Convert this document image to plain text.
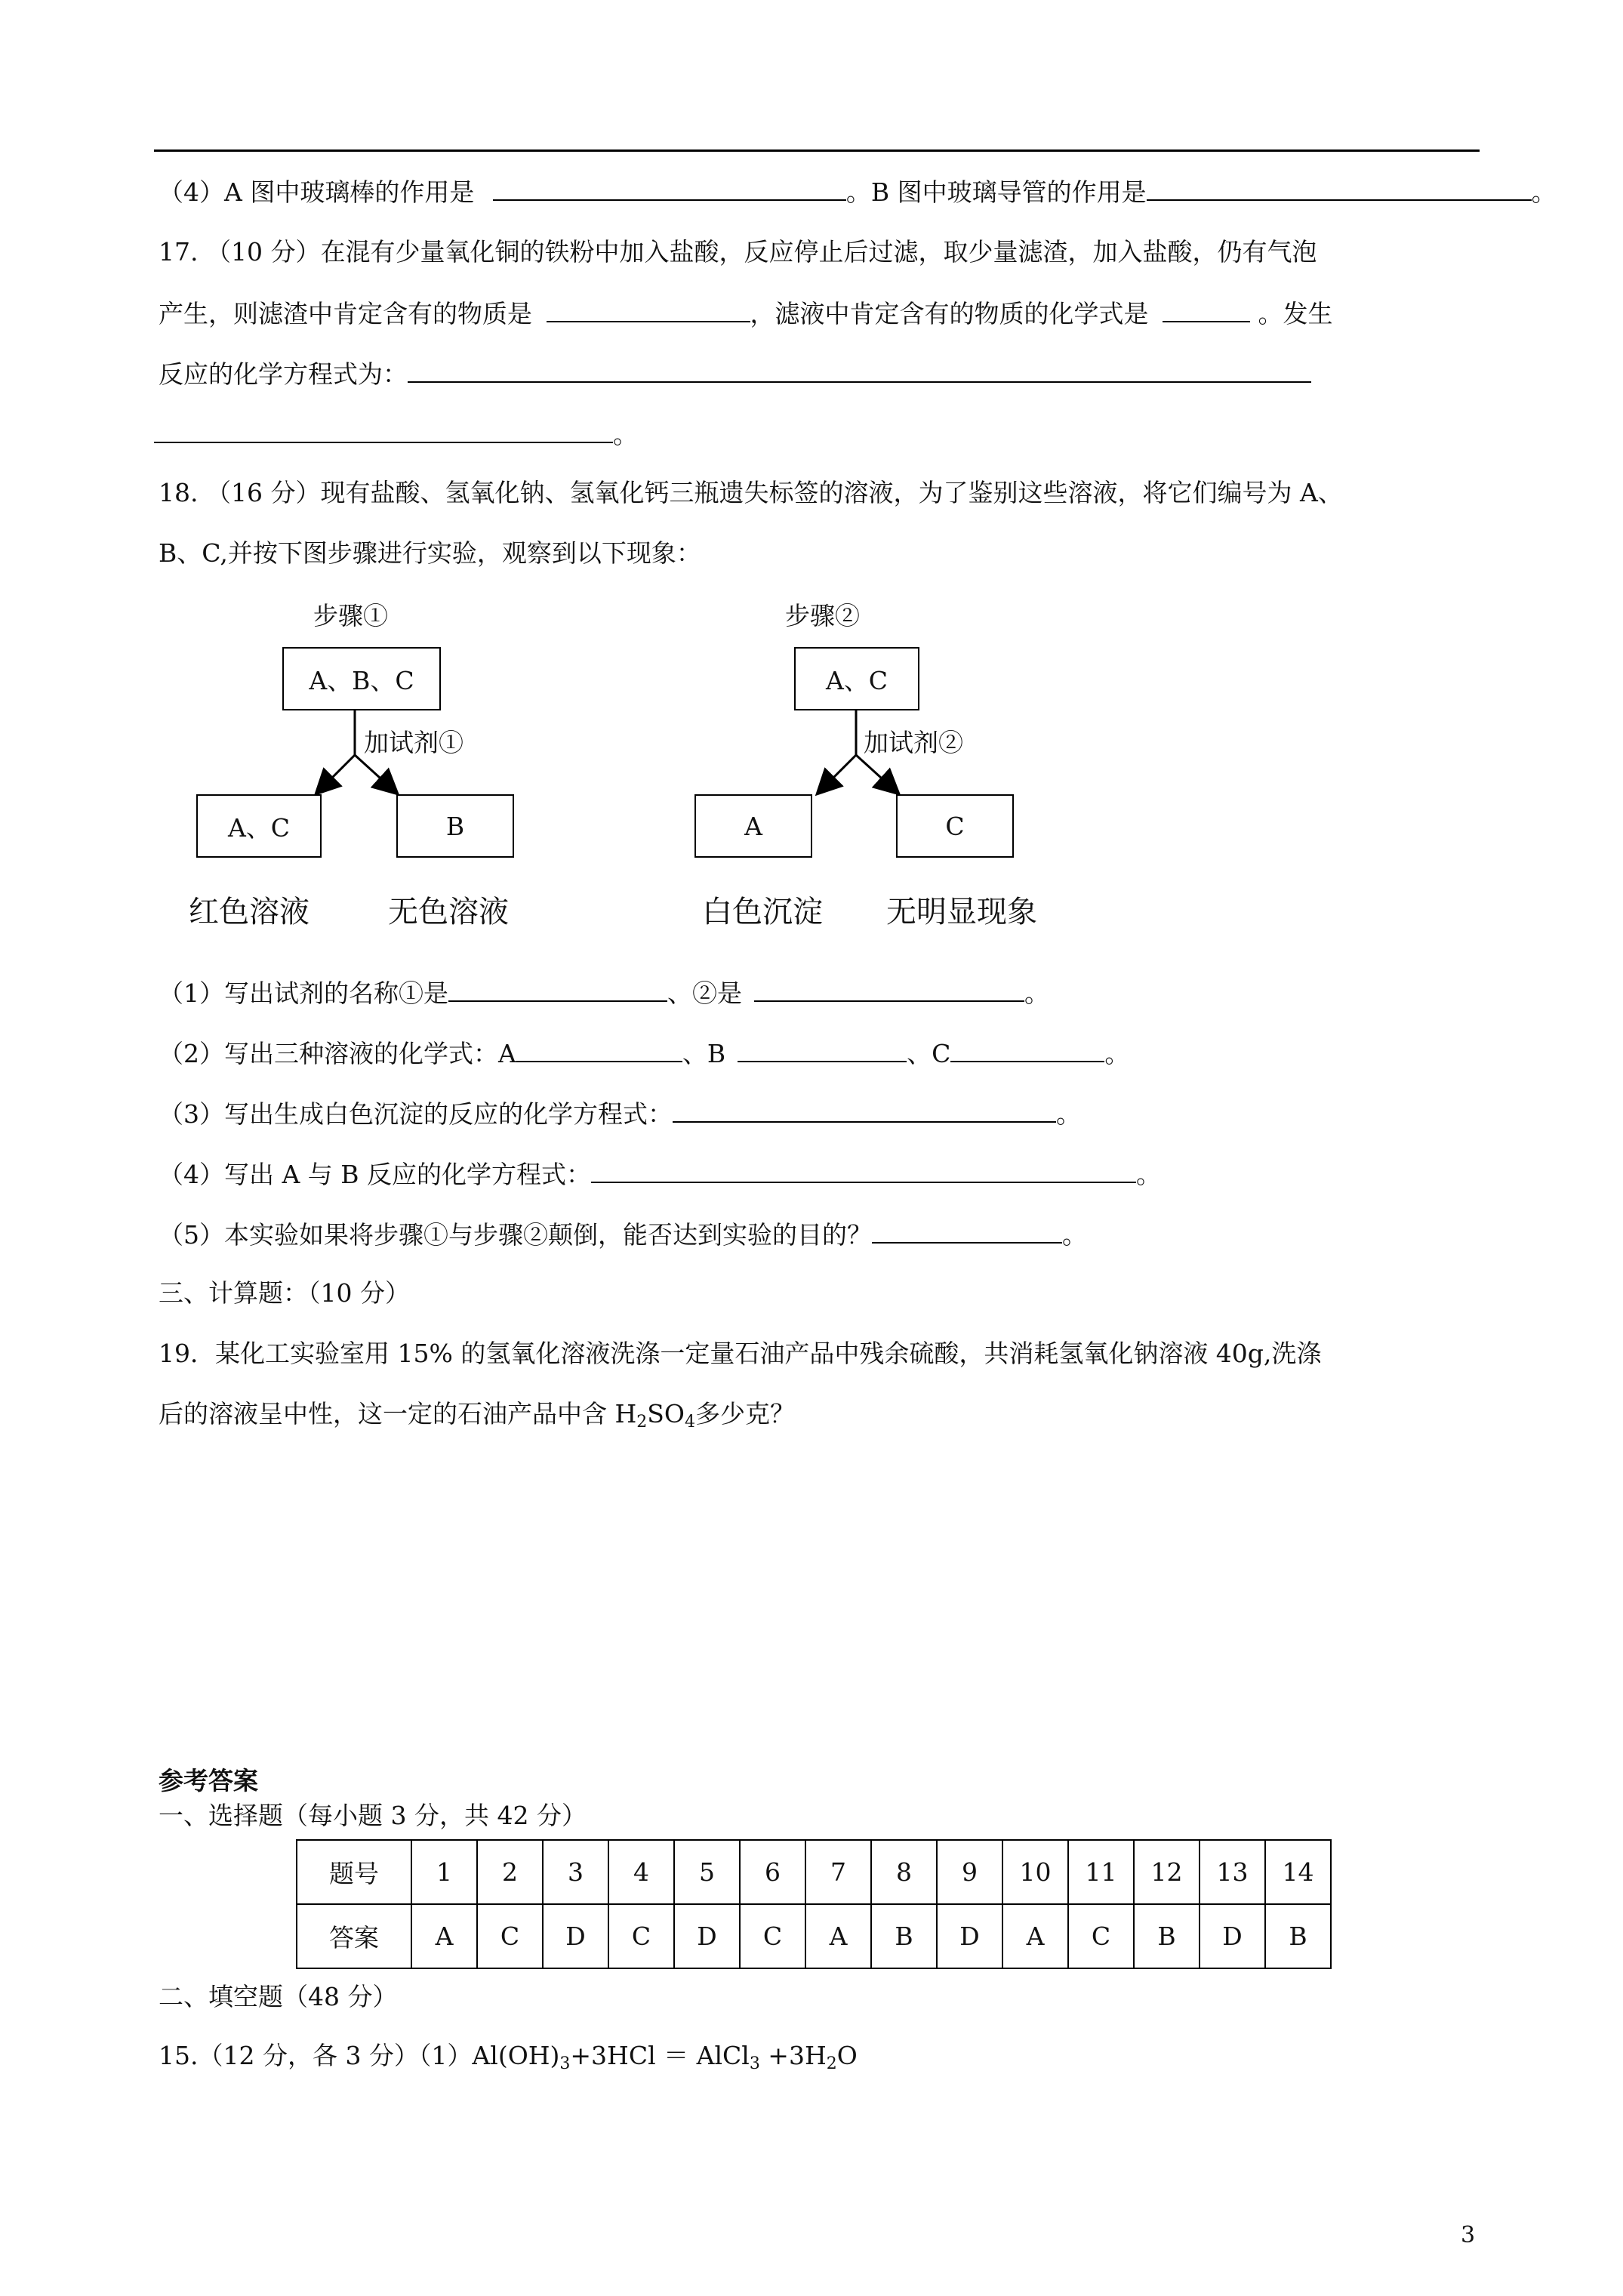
（4）A 图中玻璃棒的作用是	。B 图中玻璃导管的作用是	。
17. （10 分）在混有少量氧化铜的铁粉中加入盐酸，反应停止后过滤，取少量滤渣，加入盐酸，仍有气泡
产生，则滤渣中肯定含有的物质是	，滤液中肯定含有的物质的化学式是	。发生
反应的化学方程式为：
。
18. （16 分）现有盐酸、氢氧化钠、氢氧化钙三瓶遗失标签的溶液，为了鉴别这些溶液，将它们编号为 A、
B、C,并按下图步骤进行实验，观察到以下现象：
步骤①
A、B、C
加试剂①
A、C	B
红色溶液	无色溶液
步骤②
A、C
加试剂②
A	C
白色沉淀 无明显现象
（1）写出试剂的名称①是	、②是	。
（2）写出三种溶液的化学式：A	、B	、C	。
（3）写出生成白色沉淀的反应的化学方程式：	。
（4）写出 A 与 B 反应的化学方程式：	。
（5）本实验如果将步骤①与步骤②颠倒，能否达到实验的目的？	。
三、计算题：（10 分）
19．某化工实验室用 15% 的氢氧化溶液洗涤一定量石油产品中残余硫酸，共消耗氢氧化钠溶液 40g,洗涤
后的溶液呈中性，这一定的石油产品中含 $H_2SO_4$多少克？
参考答案
一、选择题（每小题 3 分，共 42 分）
题号	1	2	3	4	5	6	7	8	9	10	11	12	13	14
答案	A	C	D	C	D	C	A	B	D	A	C	B	D	B
二、填空题（48 分）
15.（12 分，各 3 分）$(1)Al(OH)_3+3HCl$ ＝ AlCl$_3$ $+3H_2O$
3
